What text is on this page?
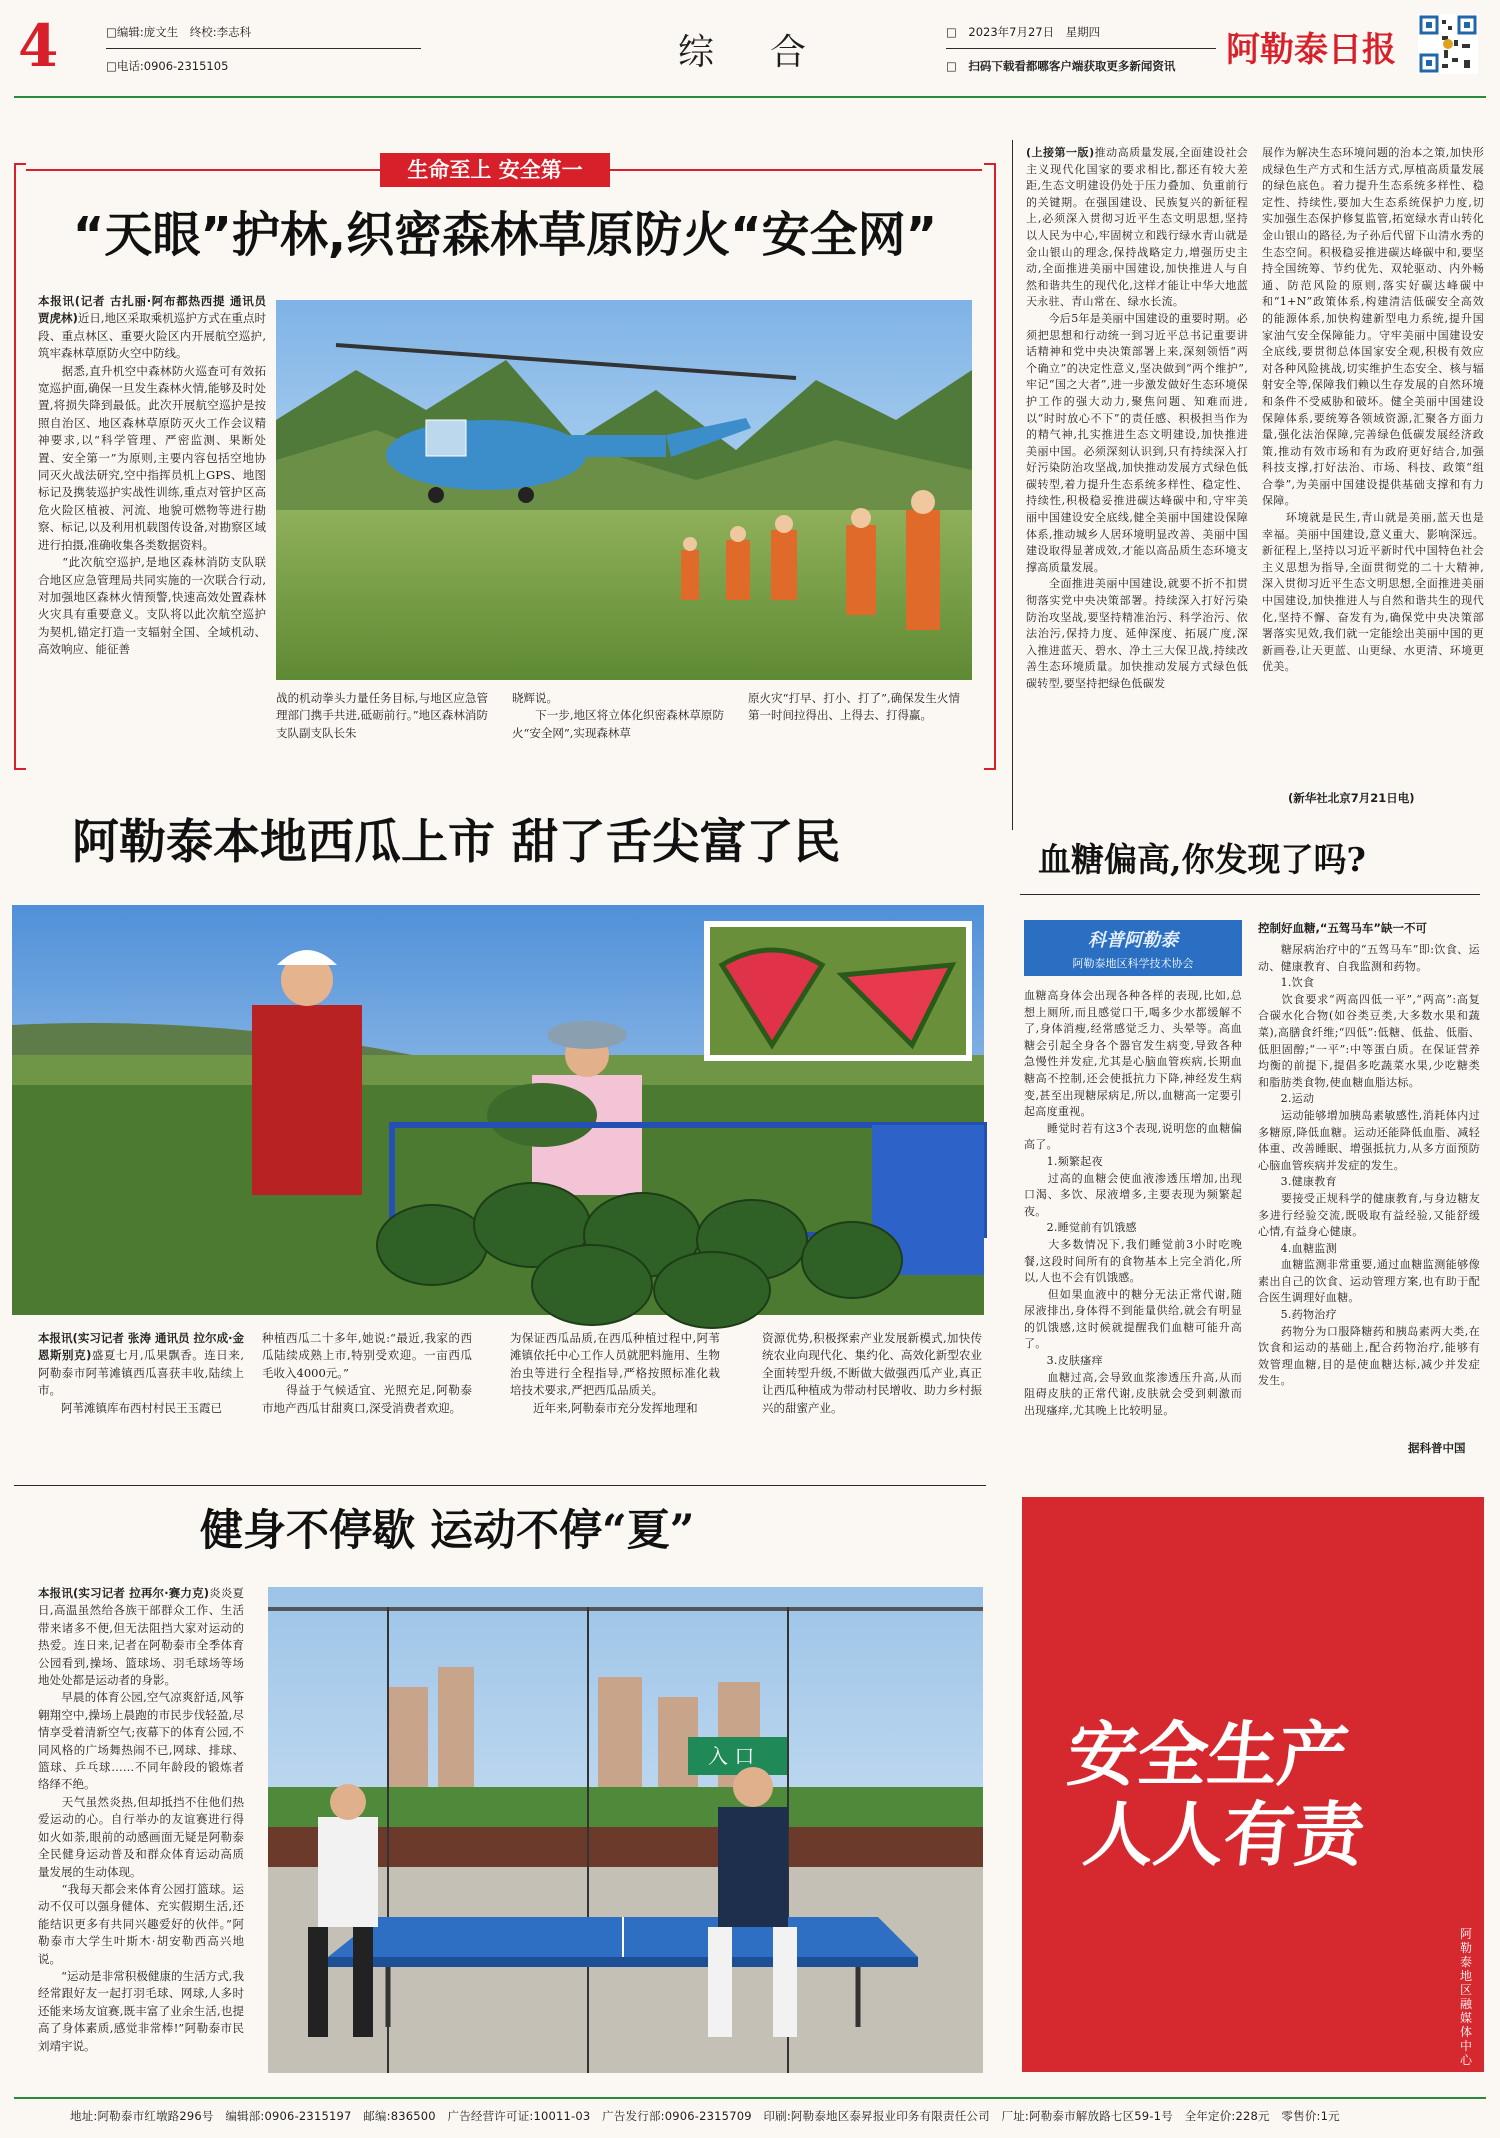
4	□编辑:庞文生　终校:李志科
□电话:0906-2315105	综　合	□　2023年7月27日　星期四
□　扫码下载看都哪客户端获取更多新闻资讯 阿勒泰日报
生命至上 安全第一
“天眼”护林,织密森林草原防火“安全网”
本报讯(记者 古扎丽·阿布都热西提 通讯员 贾虎林)近日,地区采取乘机巡护方式在重点时段、重点林区、重要火险区内开展航空巡护,筑牢森林草原防火空中防线。
　　据悉,直升机空中森林防火巡查可有效拓宽巡护面,确保一旦发生森林火情,能够及时处置,将损失降到最低。此次开展航空巡护是按照自治区、地区森林草原防灭火工作会议精神要求,以“科学管理、严密监测、果断处置、安全第一”为原则,主要内容包括空地协同灭火战法研究,空中指挥员机上GPS、地图标记及携装巡护实战性训练,重点对管护区高危火险区植被、河流、地貌可燃物等进行勘察、标记,以及利用机载图传设备,对勘察区域进行拍摄,准确收集各类数据资料。
　　“此次航空巡护,是地区森林消防支队联合地区应急管理局共同实施的一次联合行动,对加强地区森林火情预警,快速高效处置森林火灾具有重要意义。支队将以此次航空巡护为契机,锚定打造一支辐射全国、全域机动、高效响应、能征善
战的机动拳头力量任务目标,与地区应急管理部门携手共进,砥砺前行。”地区森林消防支队副支队长朱
晓辉说。
　　下一步,地区将立体化织密森林草原防火“安全网”,实现森林草
原火灾“打早、打小、打了”,确保发生火情第一时间拉得出、上得去、打得赢。
(上接第一版)推动高质量发展,全面建设社会主义现代化国家的要求相比,都还有较大差距,生态文明建设仍处于压力叠加、负重前行的关键期。在强国建设、民族复兴的新征程上,必须深入贯彻习近平生态文明思想,坚持以人民为中心,牢固树立和践行绿水青山就是金山银山的理念,保持战略定力,增强历史主动,全面推进美丽中国建设,加快推进人与自然和谐共生的现代化,这样才能让中华大地蓝天永驻、青山常在、绿水长流。
　　今后5年是美丽中国建设的重要时期。必须把思想和行动统一到习近平总书记重要讲话精神和党中央决策部署上来,深刻领悟“两个确立”的决定性意义,坚决做到“两个维护”,牢记“国之大者”,进一步激发做好生态环境保护工作的强大动力,聚焦问题、知难而进,以“时时放心不下”的责任感、积极担当作为的精气神,扎实推进生态文明建设,加快推进美丽中国。必须深刻认识到,只有持续深入打好污染防治攻坚战,加快推动发展方式绿色低碳转型,着力提升生态系统多样性、稳定性、持续性,积极稳妥推进碳达峰碳中和,守牢美丽中国建设安全底线,健全美丽中国建设保障体系,推动城乡人居环境明显改善、美丽中国建设取得显著成效,才能以高品质生态环境支撑高质量发展。
　　全面推进美丽中国建设,就要不折不扣贯彻落实党中央决策部署。持续深入打好污染防治攻坚战,要坚持精准治污、科学治污、依法治污,保持力度、延伸深度、拓展广度,深入推进蓝天、碧水、净土三大保卫战,持续改善生态环境质量。加快推动发展方式绿色低碳转型,要坚持把绿色低碳发
展作为解决生态环境问题的治本之策,加快形成绿色生产方式和生活方式,厚植高质量发展的绿色底色。着力提升生态系统多样性、稳定性、持续性,要加大生态系统保护力度,切实加强生态保护修复监管,拓宽绿水青山转化金山银山的路径,为子孙后代留下山清水秀的生态空间。积极稳妥推进碳达峰碳中和,要坚持全国统筹、节约优先、双轮驱动、内外畅通、防范风险的原则,落实好碳达峰碳中和“1+N”政策体系,构建清洁低碳安全高效的能源体系,加快构建新型电力系统,提升国家油气安全保障能力。守牢美丽中国建设安全底线,要贯彻总体国家安全观,积极有效应对各种风险挑战,切实维护生态安全、核与辐射安全等,保障我们赖以生存发展的自然环境和条件不受威胁和破坏。健全美丽中国建设保障体系,要统筹各领域资源,汇聚各方面力量,强化法治保障,完善绿色低碳发展经济政策,推动有效市场和有为政府更好结合,加强科技支撑,打好法治、市场、科技、政策“组合拳”,为美丽中国建设提供基础支撑和有力保障。
　　环境就是民生,青山就是美丽,蓝天也是幸福。美丽中国建设,意义重大、影响深远。新征程上,坚持以习近平新时代中国特色社会主义思想为指导,全面贯彻党的二十大精神,深入贯彻习近平生态文明思想,全面推进美丽中国建设,加快推进人与自然和谐共生的现代化,坚持不懈、奋发有为,确保党中央决策部署落实见效,我们就一定能绘出美丽中国的更新画卷,让天更蓝、山更绿、水更清、环境更优美。
(新华社北京7月21日电)
阿勒泰本地西瓜上市 甜了舌尖富了民
本报讯(实习记者 张涛 通讯员 拉尔成·金恩斯别克)盛夏七月,瓜果飘香。连日来,阿勒泰市阿苇滩镇西瓜喜获丰收,陆续上市。
　　阿苇滩镇库布西村村民王玉霞已
种植西瓜二十多年,她说:“最近,我家的西瓜陆续成熟上市,特别受欢迎。一亩西瓜毛收入4000元。”
　　得益于气候适宜、光照充足,阿勒泰市地产西瓜甘甜爽口,深受消费者欢迎。
为保证西瓜品质,在西瓜种植过程中,阿苇滩镇依托中心工作人员就肥料施用、生物治虫等进行全程指导,严格按照标准化栽培技术要求,严把西瓜品质关。
　　近年来,阿勒泰市充分发挥地理和
资源优势,积极探索产业发展新模式,加快传统农业向现代化、集约化、高效化新型农业全面转型升级,不断做大做强西瓜产业,真正让西瓜种植成为带动村民增收、助力乡村振兴的甜蜜产业。
血糖偏高,你发现了吗?
科普阿勒泰
阿勒泰地区科学技术协会
血糖高身体会出现各种各样的表现,比如,总想上厕所,而且感觉口干,喝多少水都缓解不了,身体消瘦,经常感觉乏力、头晕等。高血糖会引起全身各个器官发生病变,导致各种急慢性并发症,尤其是心脑血管疾病,长期血糖高不控制,还会使抵抗力下降,神经发生病变,甚至出现糖尿病足,所以,血糖高一定要引起高度重视。
　　睡觉时若有这3个表现,说明您的血糖偏高了。
　　1.频繁起夜
　　过高的血糖会使血液渗透压增加,出现口渴、多饮、尿液增多,主要表现为频繁起夜。
　　2.睡觉前有饥饿感
　　大多数情况下,我们睡觉前3小时吃晚餐,这段时间所有的食物基本上完全消化,所以,人也不会有饥饿感。
　　但如果血液中的糖分无法正常代谢,随尿液排出,身体得不到能量供给,就会有明显的饥饿感,这时候就提醒我们血糖可能升高了。
　　3.皮肤瘙痒
　　血糖过高,会导致血浆渗透压升高,从而阻碍皮肤的正常代谢,皮肤就会受到刺激而出现瘙痒,尤其晚上比较明显。
控制好血糖,“五驾马车”缺一不可
　　糖尿病治疗中的“五驾马车”即:饮食、运动、健康教育、自我监测和药物。
　　1.饮食
　　饮食要求“两高四低一平”,“两高”:高复合碳水化合物(如谷类豆类,大多数水果和蔬菜),高膳食纤维;“四低”:低糖、低盐、低脂、低胆固醇;“一平”:中等蛋白质。在保证营养均衡的前提下,提倡多吃蔬菜水果,少吃糖类和脂肪类食物,使血糖血脂达标。
　　2.运动
　　运动能够增加胰岛素敏感性,消耗体内过多糖原,降低血糖。运动还能降低血脂、减轻体重、改善睡眠、增强抵抗力,从多方面预防心脑血管疾病并发症的发生。
　　3.健康教育
　　要接受正规科学的健康教育,与身边糖友多进行经验交流,既吸取有益经验,又能舒缓心情,有益身心健康。
　　4.血糖监测
　　血糖监测非常重要,通过血糖监测能够像素出自己的饮食、运动管理方案,也有助于配合医生调理好血糖。
　　5.药物治疗
　　药物分为口服降糖药和胰岛素两大类,在饮食和运动的基础上,配合药物治疗,能够有效管理血糖,目的是使血糖达标,减少并发症发生。
据科普中国
健身不停歇 运动不停“夏”
本报讯(实习记者 拉再尔·赛力克)炎炎夏日,高温虽然给各族干部群众工作、生活带来诸多不便,但无法阻挡大家对运动的热爱。连日来,记者在阿勒泰市全季体育公园看到,操场、篮球场、羽毛球场等场地处处都是运动者的身影。
　　早晨的体育公园,空气凉爽舒适,风筝翱翔空中,操场上晨跑的市民步伐轻盈,尽情享受着清新空气;夜幕下的体育公园,不同风格的广场舞热闹不已,网球、排球、篮球、乒乓球……不同年龄段的锻炼者络绎不绝。
　　天气虽然炎热,但却抵挡不住他们热爱运动的心。自行举办的友谊赛进行得如火如荼,眼前的动感画面无疑是阿勒泰全民健身运动普及和群众体育运动高质量发展的生动体现。
　　“我每天都会来体育公园打篮球。运动不仅可以强身健体、充实假期生活,还能结识更多有共同兴趣爱好的伙伴。”阿勒泰市大学生叶斯木·胡安勒西高兴地说。
　　“运动是非常积极健康的生活方式,我经常跟好友一起打羽毛球、网球,人多时还能来场友谊赛,既丰富了业余生活,也提高了身体素质,感觉非常棒!”阿勒泰市民刘靖宇说。
入 口	安全生产
人人有责
阿勒泰地区融媒体中心
地址:阿勒泰市红墩路296号　编辑部:0906-2315197　邮编:836500　广告经营许可证:10011-03　广告发行部:0906-2315709　印刷:阿勒泰地区泰昇报业印务有限责任公司　厂址:阿勒泰市解放路七区59-1号　全年定价:228元　零售价:1元
